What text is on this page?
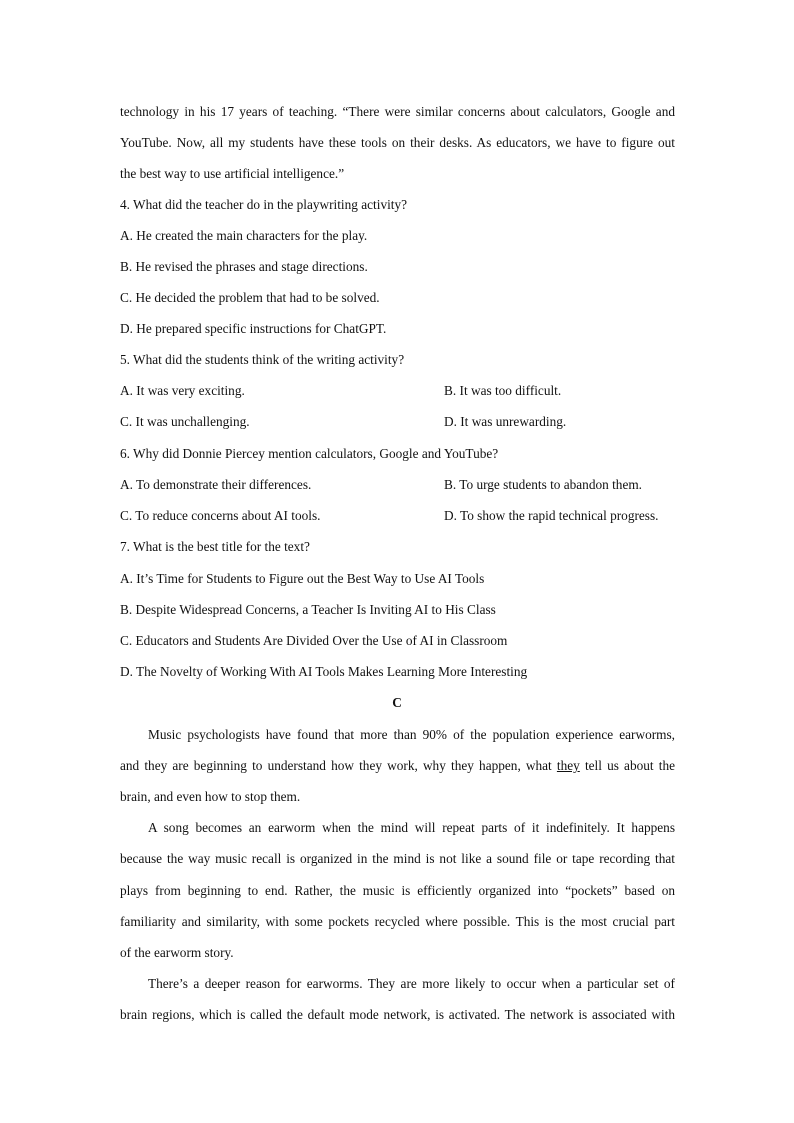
technology in his 17 years of teaching. “There were similar concerns about calculators, Google and
YouTube. Now, all my students have these tools on their desks. As educators, we have to figure out
the best way to use artificial intelligence.”
4. What did the teacher do in the playwriting activity?
A. He created the main characters for the play.
B. He revised the phrases and stage directions.
C. He decided the problem that had to be solved.
D. He prepared specific instructions for ChatGPT.
5. What did the students think of the writing activity?
A. It was very exciting.	B. It was too difficult.
C. It was unchallenging.	D. It was unrewarding.
6. Why did Donnie Piercey mention calculators, Google and YouTube?
A. To demonstrate their differences.	B. To urge students to abandon them.
C. To reduce concerns about AI tools.	D. To show the rapid technical progress.
7. What is the best title for the text?
A. It’s Time for Students to Figure out the Best Way to Use AI Tools
B. Despite Widespread Concerns, a Teacher Is Inviting AI to His Class
C. Educators and Students Are Divided Over the Use of AI in Classroom
D. The Novelty of Working With AI Tools Makes Learning More Interesting
C
Music psychologists have found that more than 90% of the population experience earworms,
and they are beginning to understand how they work, why they happen, what they tell us about the
brain, and even how to stop them.
A song becomes an earworm when the mind will repeat parts of it indefinitely. It happens
because the way music recall is organized in the mind is not like a sound file or tape recording that
plays from beginning to end. Rather, the music is efficiently organized into “pockets” based on
familiarity and similarity, with some pockets recycled where possible. This is the most crucial part
of the earworm story.
There’s a deeper reason for earworms. They are more likely to occur when a particular set of
brain regions, which is called the default mode network, is activated. The network is associated with
